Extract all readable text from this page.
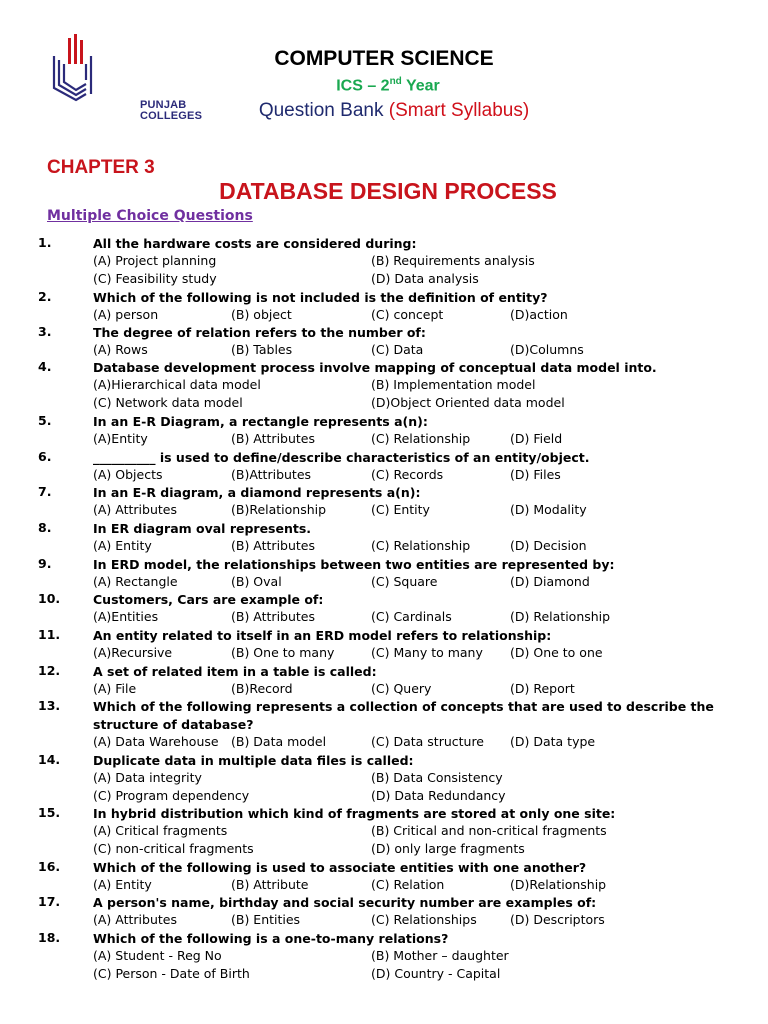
PUNJAB
COLLEGES
COMPUTER SCIENCE
ICS – 2nd Year
Question Bank (Smart Syllabus)
CHAPTER 3
DATABASE DESIGN PROCESS
Multiple Choice Questions
1.	All the hardware costs are considered during:
(A) Project planning	(B) Requirements analysis
(C) Feasibility study	(D) Data analysis
2.	Which of the following is not included is the definition of entity?
(A) person	(B) object	(C) concept	(D)action
3.	The degree of relation refers to the number of:
(A) Rows	(B) Tables	(C) Data	(D)Columns
4.	Database development process involve mapping of conceptual data model into.
(A)Hierarchical data model	(B) Implementation model
(C) Network data model	(D)Object Oriented data model
5.	In an E-R Diagram, a rectangle represents a(n):
(A)Entity	(B) Attributes	(C) Relationship	(D) Field
6.	__________ is used to define/describe characteristics of an entity/object.
(A) Objects	(B)Attributes	(C) Records	(D) Files
7.	In an E-R diagram, a diamond represents a(n):
(A) Attributes	(B)Relationship	(C) Entity	(D) Modality
8.	In ER diagram oval represents.
(A) Entity	(B) Attributes	(C) Relationship	(D) Decision
9.	In ERD model, the relationships between two entities are represented by:
(A) Rectangle	(B) Oval	(C) Square	(D) Diamond
10.	Customers, Cars are example of:
(A)Entities	(B) Attributes	(C) Cardinals	(D) Relationship
11.	An entity related to itself in an ERD model refers to relationship:
(A)Recursive	(B) One to many	(C) Many to many (D) One to one
12.	A set of related item in a table is called:
(A) File	(B)Record	(C) Query	(D) Report
13.	Which of the following represents a collection of concepts that are used to describe the structure of database?
(A) Data Warehouse (B) Data model	(C) Data structure (D) Data type
14.	Duplicate data in multiple data files is called:
(A) Data integrity	(B) Data Consistency
(C) Program dependency	(D) Data Redundancy
15.	In hybrid distribution which kind of fragments are stored at only one site:
(A) Critical fragments	(B) Critical and non-critical fragments
(C) non-critical fragments	(D) only large fragments
16.	Which of the following is used to associate entities with one another?
(A) Entity	(B) Attribute	(C) Relation	(D)Relationship
17.	A person's name, birthday and social security number are examples of:
(A) Attributes	(B) Entities	(C) Relationships	(D) Descriptors
18.	Which of the following is a one-to-many relations?
(A) Student - Reg No	(B) Mother – daughter
(C) Person - Date of Birth	(D) Country - Capital
